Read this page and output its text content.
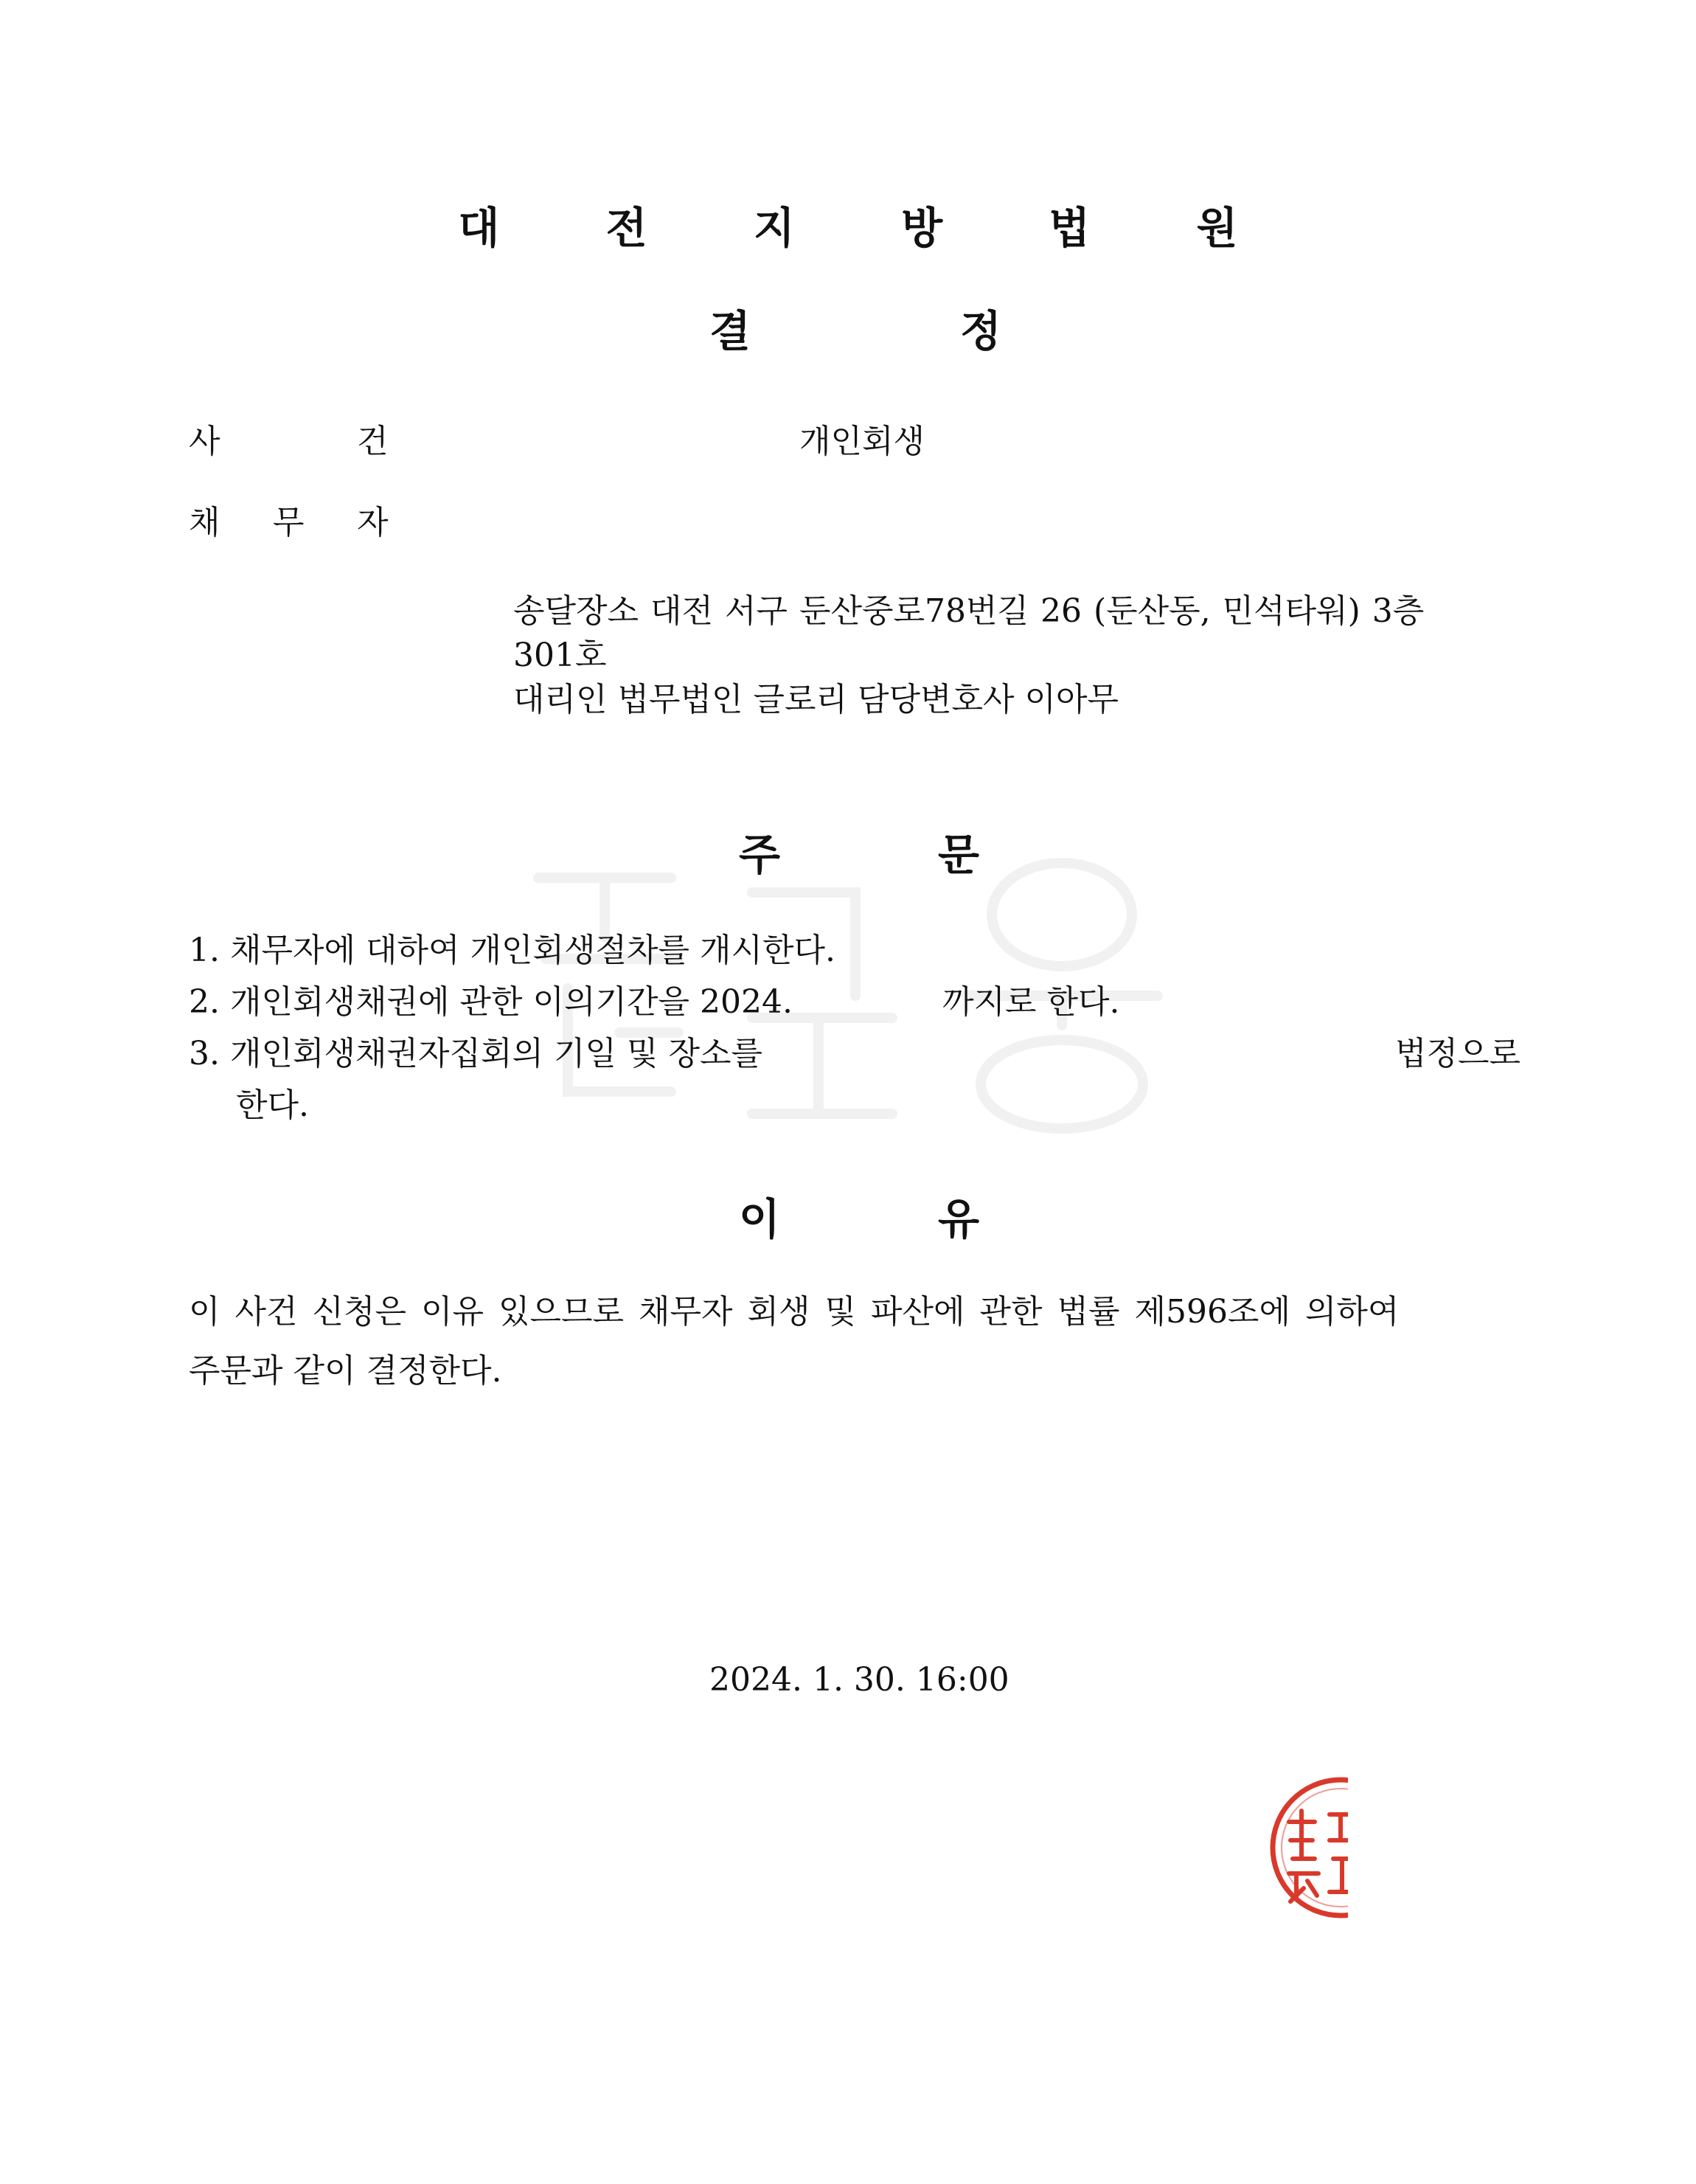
대 전 지 방 법 원
결	정
사	건	개인회생
채 무 자
송달장소 대전 서구 둔산중로78번길 26 (둔산동, 민석타워) 3층
301호
대리인 법무법인 글로리 담당변호사 이아무
주	문
1. 채무자에 대하여 개인회생절차를 개시한다.
2. 개인회생채권에 관한 이의기간을 2024.	까지로 한다.
3. 개인회생채권자집회의 기일 및 장소를	법정으로
한다.
이	유
이 사건 신청은 이유 있으므로 채무자 회생 및 파산에 관한 법률 제596조에 의하여
주문과 같이 결정한다.
2024. 1. 30. 16:00
